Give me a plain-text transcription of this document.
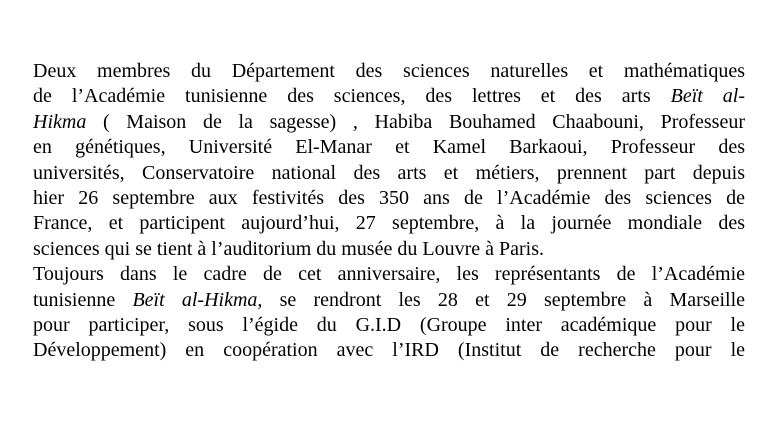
Deux membres du Département des sciences naturelles et mathématiques
de l’Académie tunisienne des sciences, des lettres et des arts Beït al-
Hikma ( Maison de la sagesse) , Habiba Bouhamed Chaabouni, Professeur
en génétiques, Université El-Manar et Kamel Barkaoui, Professeur des
universités, Conservatoire national des arts et métiers, prennent part depuis
hier 26 septembre aux festivités des 350 ans de l’Académie des sciences de
France, et participent aujourd’hui, 27 septembre, à la journée mondiale des
sciences qui se tient à l’auditorium du musée du Louvre à Paris.
Toujours dans le cadre de cet anniversaire, les représentants de l’Académie
tunisienne Beït al-Hikma, se rendront les 28 et 29 septembre à Marseille
pour participer, sous l’égide du G.I.D (Groupe inter académique pour le
Développement) en coopération avec l’IRD (Institut de recherche pour le
